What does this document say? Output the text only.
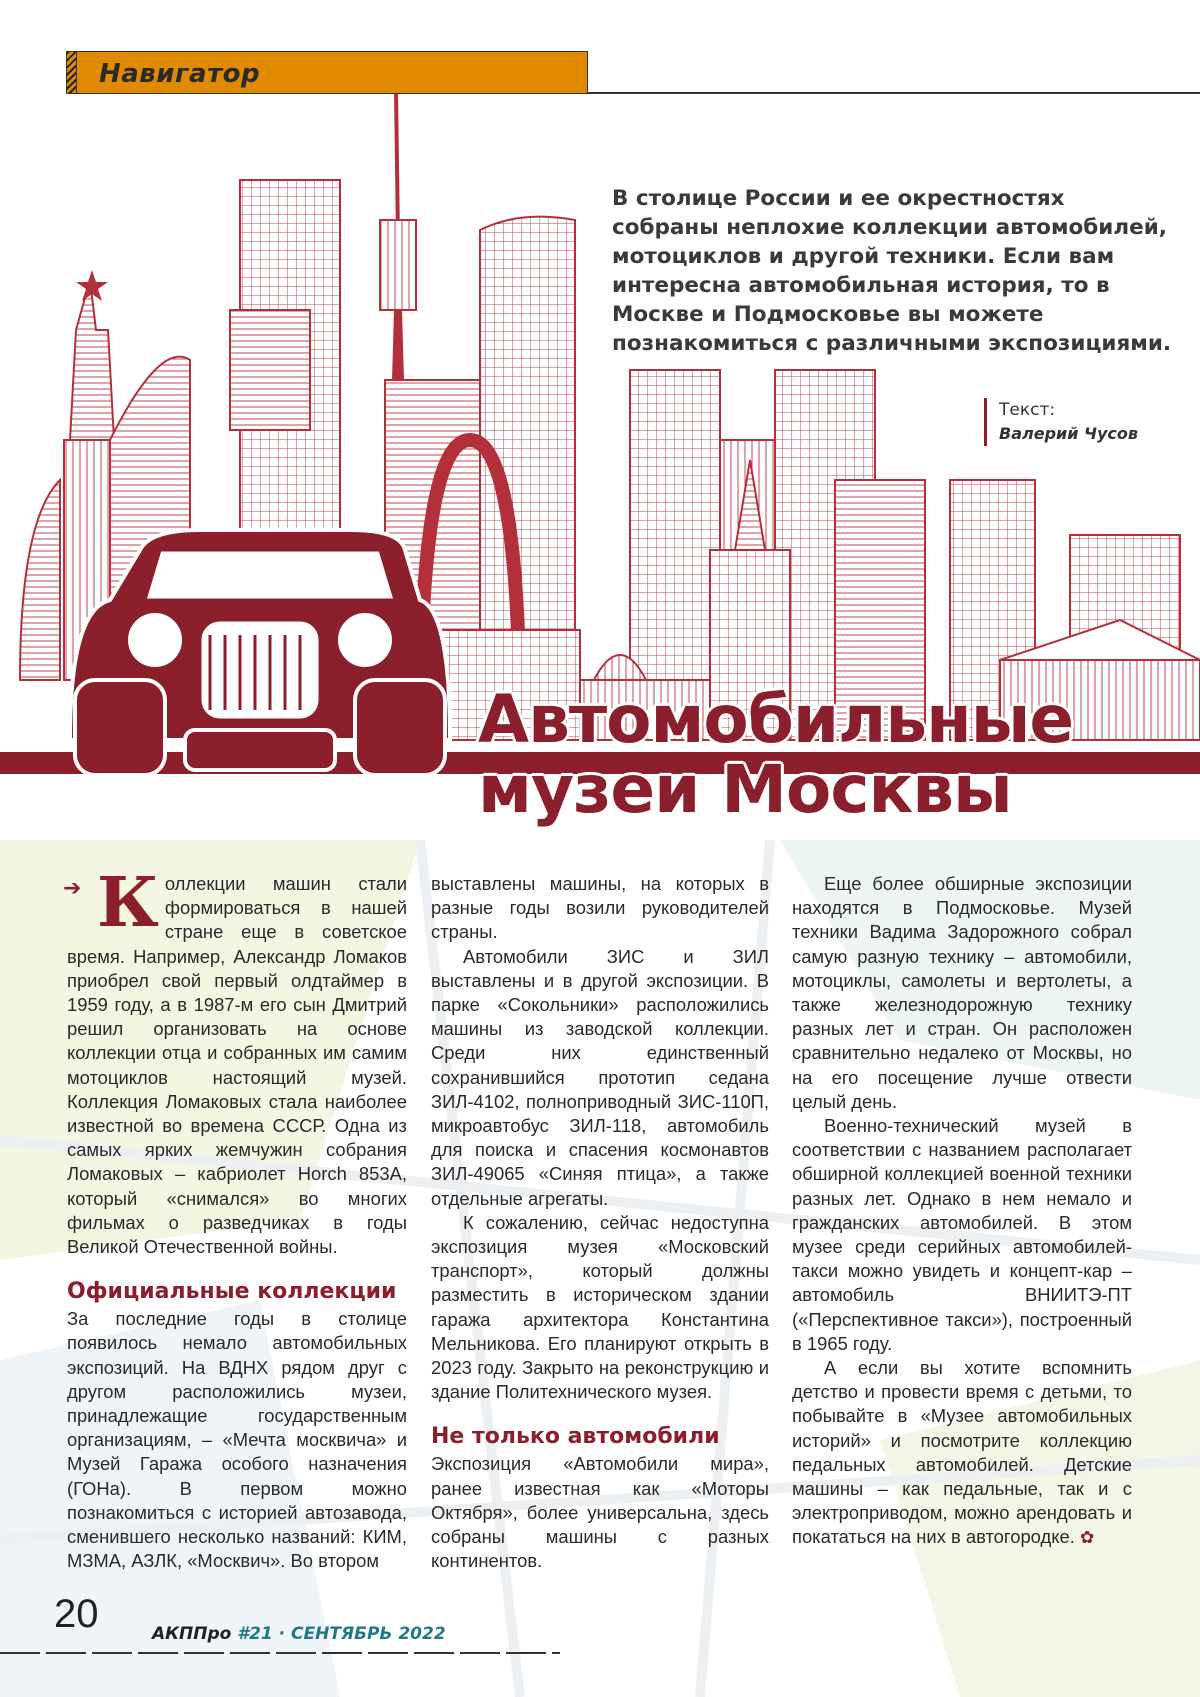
Навигатор
В столице России и ее окрестностях собраны неплохие коллекции автомобилей, мотоциклов и другой техники. Если вам интересна автомобильная история, то в Москве и Подмосковье вы можете познакомиться с различными экспозициями.
Текст:
Валерий Чусов
Автомобильные
музеи Москвы
➔ К оллекции машин стали формироваться в нашей стране еще в советское время. Например, Александр Ломаков приобрел свой первый олдтаймер в 1959 году, а в 1987-м его сын Дмитрий решил организовать на основе коллекции отца и собранных им самим мотоциклов настоящий музей. Коллекция Ломаковых стала наиболее известной во времена СССР. Одна из самых ярких жемчужин собрания Ломаковых – кабриолет Horch 853A, который «снимался» во многих фильмах о разведчиках в годы Великой Отечественной войны.

Официальные коллекции

За последние годы в столице появилось немало автомобильных экспозиций. На ВДНХ рядом друг с другом расположились музеи, принадлежащие государственным организациям, – «Мечта москвича» и Музей Гаража особого назначения (ГОНа). В первом можно познакомиться с историей автозавода, сменившего несколько названий: КИМ, МЗМА, АЗЛК, «Москвич». Во втором

выставлены машины, на которых в разные годы возили руководителей страны.

Автомобили ЗИС и ЗИЛ выставлены и в другой экспозиции. В парке «Сокольники» расположились машины из заводской коллекции. Среди них единственный сохранившийся прототип седана ЗИЛ-4102, полноприводный ЗИС-110П, микроавтобус ЗИЛ-118, автомобиль для поиска и спасения космонавтов ЗИЛ-49065 «Синяя птица», а также отдельные агрегаты.

К сожалению, сейчас недоступна экспозиция музея «Московский транспорт», который должны разместить в историческом здании гаража архитектора Константина Мельникова. Его планируют открыть в 2023 году. Закрыто на реконструкцию и здание Политехнического музея.

Не только автомобили

Экспозиция «Автомобили мира», ранее известная как «Моторы Октября», более универсальна, здесь собраны машины с разных континентов.

Еще более обширные экспозиции находятся в Подмосковье. Музей техники Вадима Задорожного собрал самую разную технику – автомобили, мотоциклы, самолеты и вертолеты, а также железнодорожную технику разных лет и стран. Он расположен сравнительно недалеко от Москвы, но на его посещение лучше отвести целый день.

Военно-технический музей в соответствии с названием располагает обширной коллекцией военной техники разных лет. Однако в нем немало и гражданских автомобилей. В этом музее среди серийных автомобилей-такси можно увидеть и концепт-кар – автомобиль ВНИИТЭ-ПТ («Перспективное такси»), построенный в 1965 году.

А если вы хотите вспомнить детство и провести время с детьми, то побывайте в «Музее автомобильных историй» и посмотрите коллекцию педальных автомобилей. Детские машины – как педальные, так и с электроприводом, можно арендовать и покататься на них в автогородке. ✿

20	АКППро #21 · СЕНТЯБРЬ 2022
